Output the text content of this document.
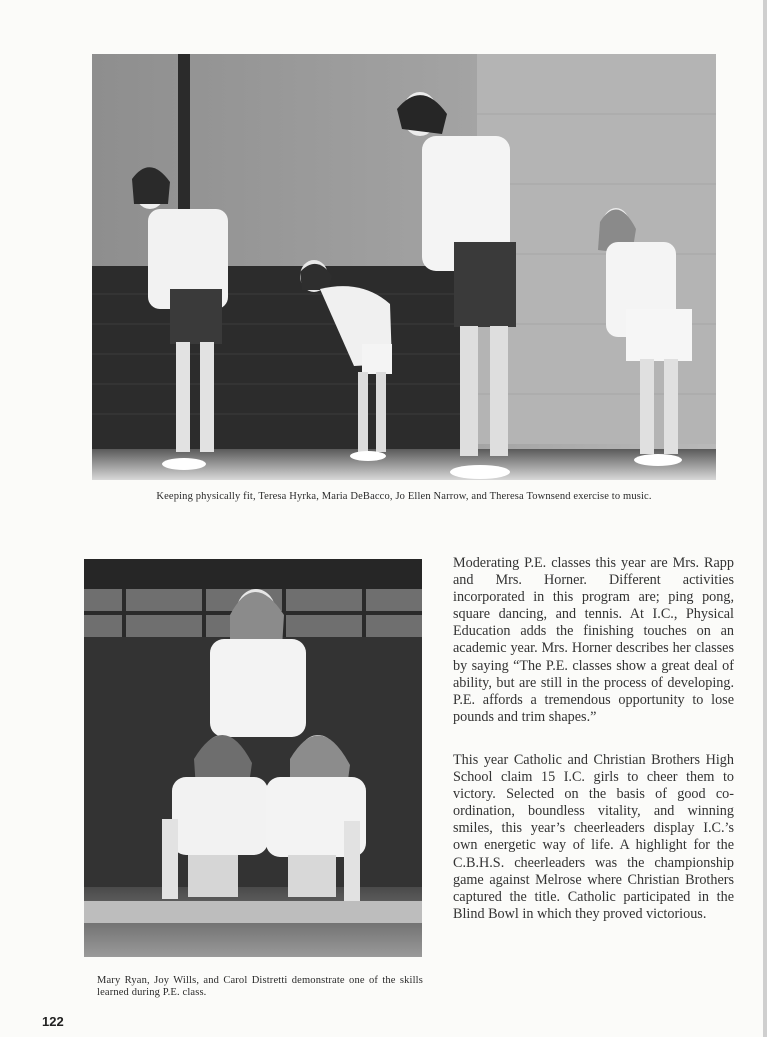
Keeping physically fit, Teresa Hyrka, Maria DeBacco, Jo Ellen Narrow, and Theresa Townsend exercise to music.
Mary Ryan, Joy Wills, and Carol Distretti demonstrate one of the skills learned during P.E. class.

Moderating P.E. classes this year are Mrs. Rapp and Mrs. Horner. Different activities incorporated in this program are; ping pong, square dancing, and tennis. At I.C., Physical Education adds the finishing touches on an academic year. Mrs. Horner describes her classes by saying “The P.E. classes show a great deal of ability, but are still in the process of developing. P.E. affords a tremendous opportunity to lose pounds and trim shapes.”

This year Catholic and Christian Brothers High School claim 15 I.C. girls to cheer them to victory. Selected on the basis of good co-ordination, boundless vitality, and winning smiles, this year’s cheerleaders display I.C.’s own energetic way of life. A highlight for the C.B.H.S. cheerleaders was the championship game against Melrose where Christian Brothers captured the title. Catholic participated in the Blind Bowl in which they proved victorious.

122
